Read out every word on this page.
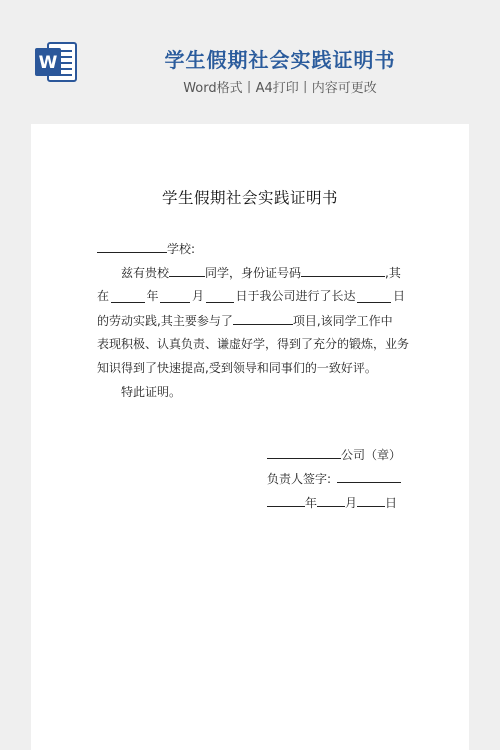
W	学生假期社会实践证明书
Word格式丨A4打印丨内容可更改
学生假期社会实践证明书
学校:
兹有贵校	同学，身份证号码	,其
在	年	月	日于我公司进行了长达	日
的劳动实践,其主要参与了	项目,该同学工作中
表现积极、认真负责、谦虚好学，得到了充分的锻炼，业务
知识得到了快速提高,受到领导和同事们的一致好评。
特此证明。
公司（章）
负责人签字:
年 月 日
